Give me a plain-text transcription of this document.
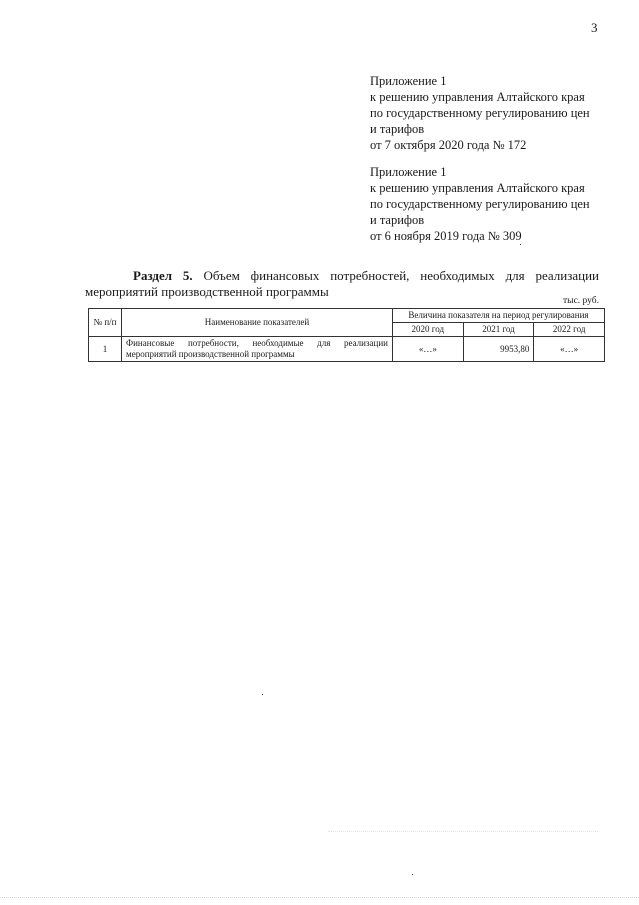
3
Приложение 1
к решению управления Алтайского края
по государственному регулированию цен
и тарифов
от 7 октября 2020 года № 172
Приложение 1
к решению управления Алтайского края
по государственному регулированию цен
и тарифов
от 6 ноября 2019 года № 309
Раздел 5. Объем финансовых потребностей, необходимых для реализации
мероприятий производственной программы
тыс. руб.
№ п/п	Наименование показателей	Величина показателя на период регулирования		
		2020 год	2021 год	2022 год
1	Финансовые потребности, необходимые для реализации мероприятий производственной программы	«…»	9953,80	«…»
